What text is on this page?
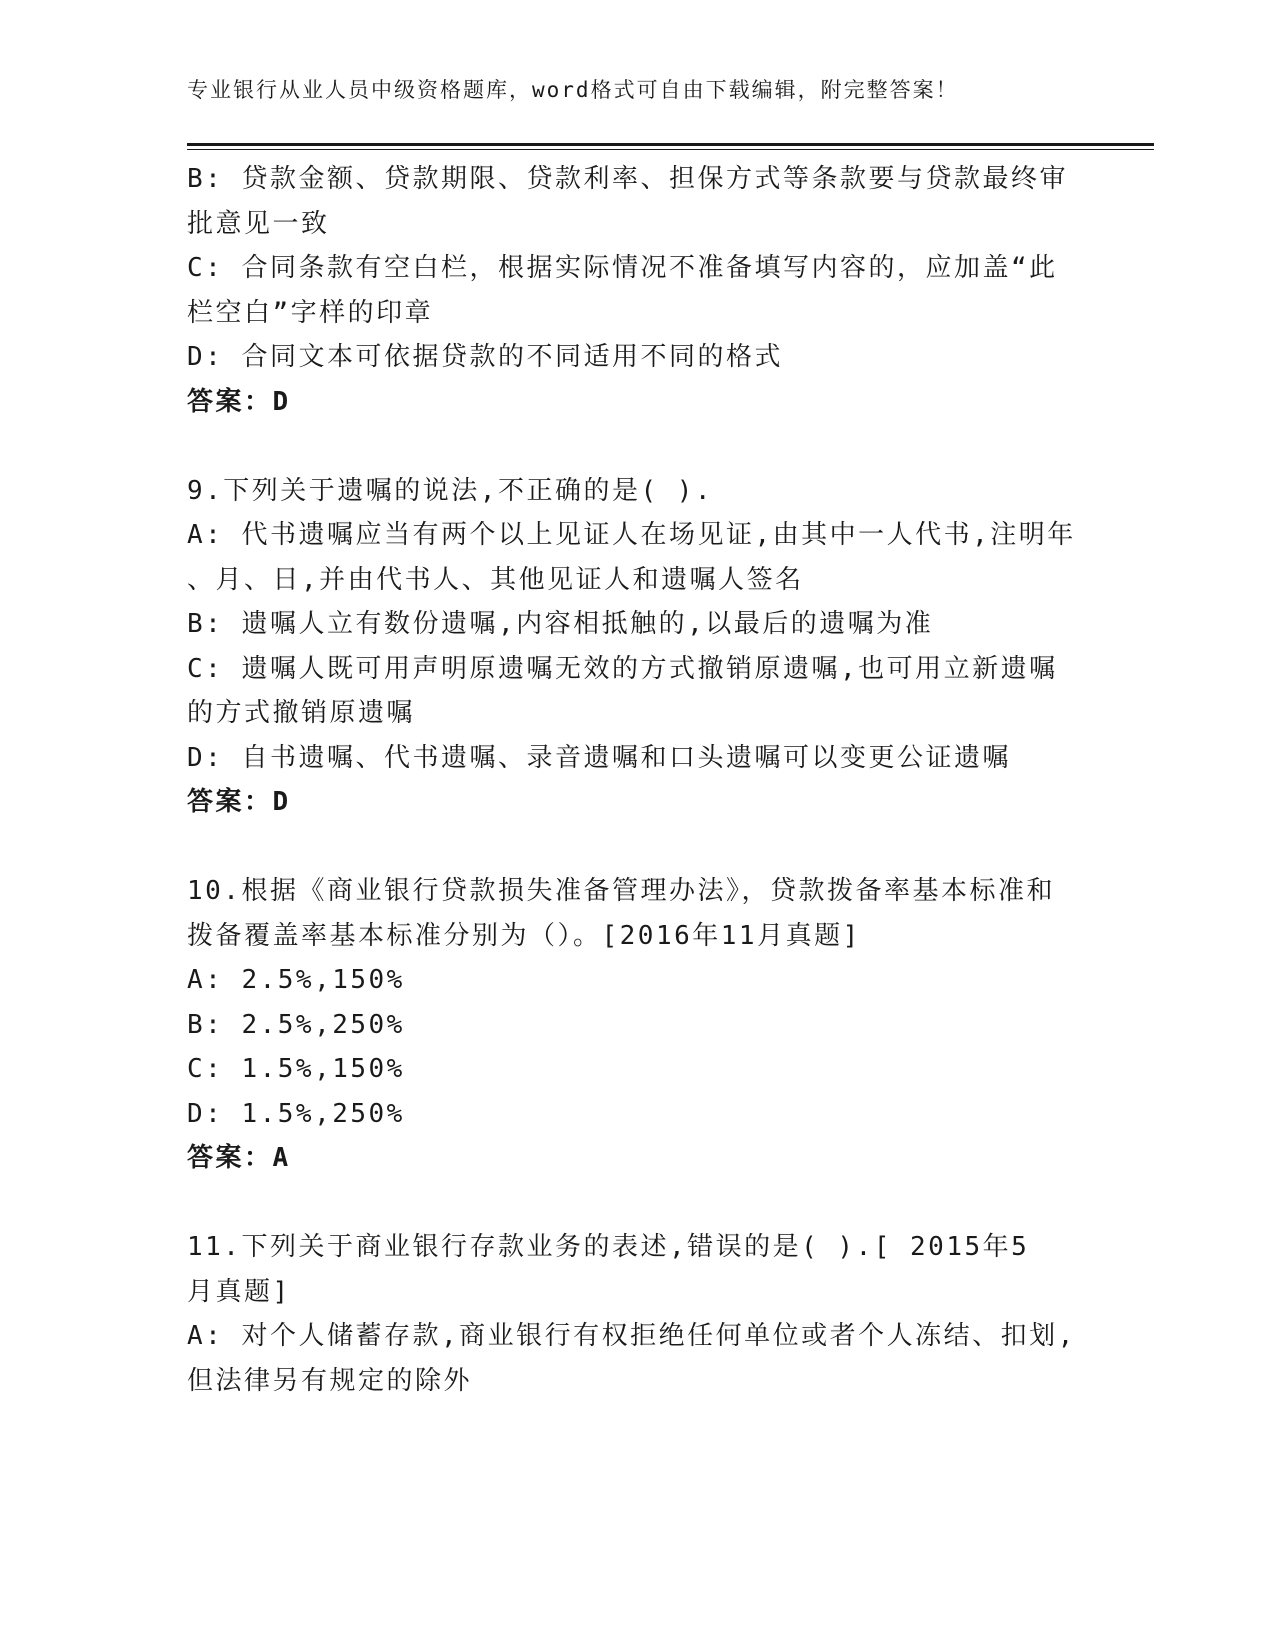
专业银行从业人员中级资格题库，word格式可自由下载编辑，附完整答案！
B: 贷款金额、贷款期限、贷款利率、担保方式等条款要与贷款最终审
批意见一致
C: 合同条款有空白栏，根据实际情况不准备填写内容的，应加盖“此
栏空白”字样的印章
D: 合同文本可依据贷款的不同适用不同的格式
答案：D
9.下列关于遗嘱的说法,不正确的是( ).
A: 代书遗嘱应当有两个以上见证人在场见证,由其中一人代书,注明年
、月、日,并由代书人、其他见证人和遗嘱人签名
B: 遗嘱人立有数份遗嘱,内容相抵触的,以最后的遗嘱为准
C: 遗嘱人既可用声明原遗嘱无效的方式撤销原遗嘱,也可用立新遗嘱
的方式撤销原遗嘱
D: 自书遗嘱、代书遗嘱、录音遗嘱和口头遗嘱可以变更公证遗嘱
答案：D
10.根据《商业银行贷款损失准备管理办法》，贷款拨备率基本标准和
拨备覆盖率基本标准分别为（）。[2016年11月真题]
A: 2.5%,150%
B: 2.5%,250%
C: 1.5%,150%
D: 1.5%,250%
答案：A
11.下列关于商业银行存款业务的表述,错误的是( ).[ 2015年5
月真题]
A: 对个人储蓄存款,商业银行有权拒绝任何单位或者个人冻结、扣划,
但法律另有规定的除外
